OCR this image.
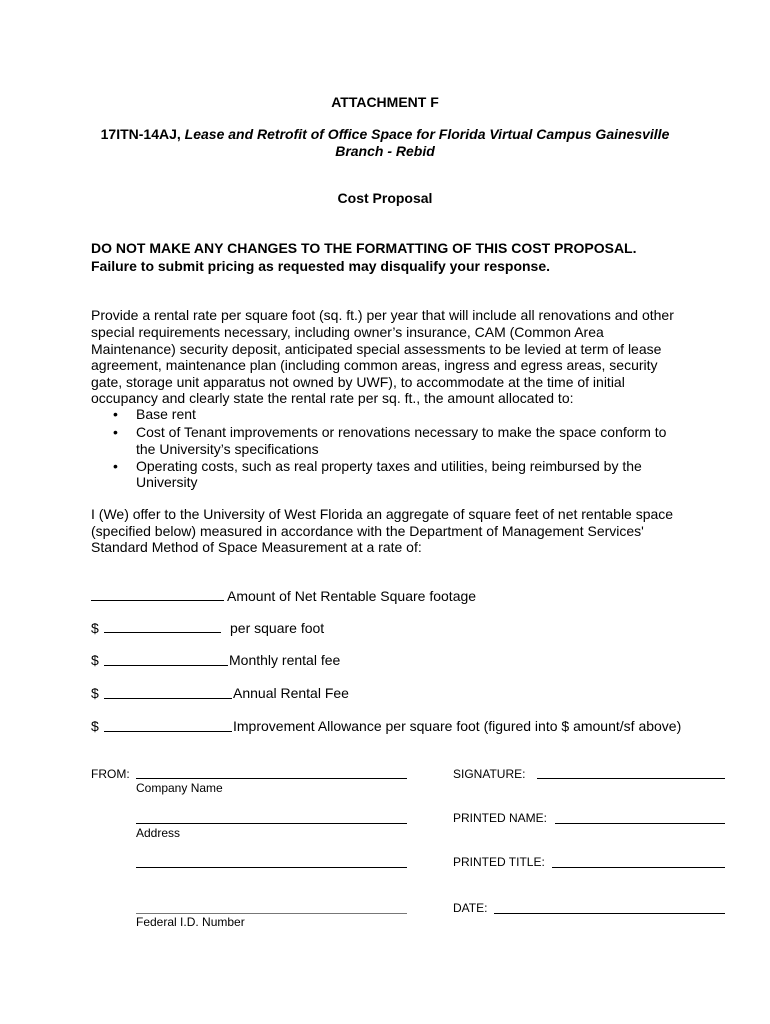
ATTACHMENT F
17ITN-14AJ, Lease and Retrofit of Office Space for Florida Virtual Campus Gainesville
Branch - Rebid
Cost Proposal
DO NOT MAKE ANY CHANGES TO THE FORMATTING OF THIS COST PROPOSAL.
Failure to submit pricing as requested may disqualify your response.
Provide a rental rate per square foot (sq. ft.) per year that will include all renovations and other
special requirements necessary, including owner’s insurance, CAM (Common Area
Maintenance) security deposit, anticipated special assessments to be levied at term of lease
agreement, maintenance plan (including common areas, ingress and egress areas, security
gate, storage unit apparatus not owned by UWF), to accommodate at the time of initial
occupancy and clearly state the rental rate per sq. ft., the amount allocated to:
• Base rent
• Cost of Tenant improvements or renovations necessary to make the space conform to
the University’s specifications
• Operating costs, such as real property taxes and utilities, being reimbursed by the
University
I (We) offer to the University of West Florida an aggregate of square feet of net rentable space
(specified below) measured in accordance with the Department of Management Services'
Standard Method of Space Measurement at a rate of:
Amount of Net Rentable Square footage
$	per square foot
$	Monthly rental fee
$	Annual Rental Fee
$	Improvement Allowance per square foot (figured into $ amount/sf above)
FROM:
Company Name
Address
Federal I.D. Number
SIGNATURE:
PRINTED NAME:
PRINTED TITLE:
DATE:
